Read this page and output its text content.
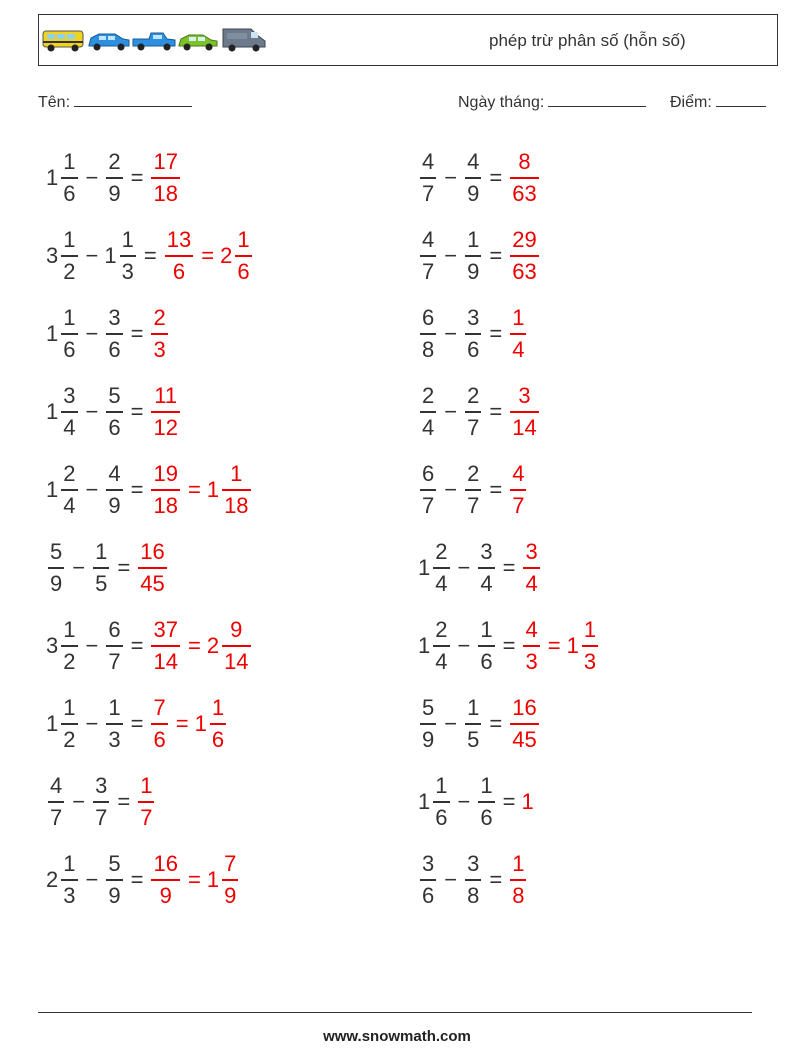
phép trừ phân số (hỗn số)
Tên:	Ngày tháng:	Điểm:
$1 \frac{1}{6} - \frac{2}{9} = \frac{17}{18}$	$\frac{4}{7} - \frac{4}{9} = \frac{8}{63}$
$3 \frac{1}{2} - 1 \frac{1}{3} = \frac{13}{6} = 2 \frac{1}{6}$	$\frac{4}{7} - \frac{1}{9} = \frac{29}{63}$
$1 \frac{1}{6} - \frac{3}{6} = \frac{2}{3}$	$\frac{6}{8} - \frac{3}{6} = \frac{1}{4}$
$1 \frac{3}{4} - \frac{5}{6} = \frac{11}{12}$	$\frac{2}{4} - \frac{2}{7} = \frac{3}{14}$
$1 \frac{2}{4} - \frac{4}{9} = \frac{19}{18} = 1 \frac{1}{18}$	$\frac{6}{7} - \frac{2}{7} = \frac{4}{7}$
$\frac{5}{9} - \frac{1}{5} = \frac{16}{45}$	$1 \frac{2}{4} - \frac{3}{4} = \frac{3}{4}$
$3 \frac{1}{2} - \frac{6}{7} = \frac{37}{14} = 2 \frac{9}{14}$	$1 \frac{2}{4} - \frac{1}{6} = \frac{4}{3} = 1 \frac{1}{3}$
$1 \frac{1}{2} - \frac{1}{3} = \frac{7}{6} = 1 \frac{1}{6}$	$\frac{5}{9} - \frac{1}{5} = \frac{16}{45}$
$\frac{4}{7} - \frac{3}{7} = \frac{1}{7}$	$1 \frac{1}{6} - \frac{1}{6} = 1$
$2 \frac{1}{3} - \frac{5}{9} = \frac{16}{9} = 1 \frac{7}{9}$	$\frac{3}{6} - \frac{3}{8} = \frac{1}{8}$
www.snowmath.com
